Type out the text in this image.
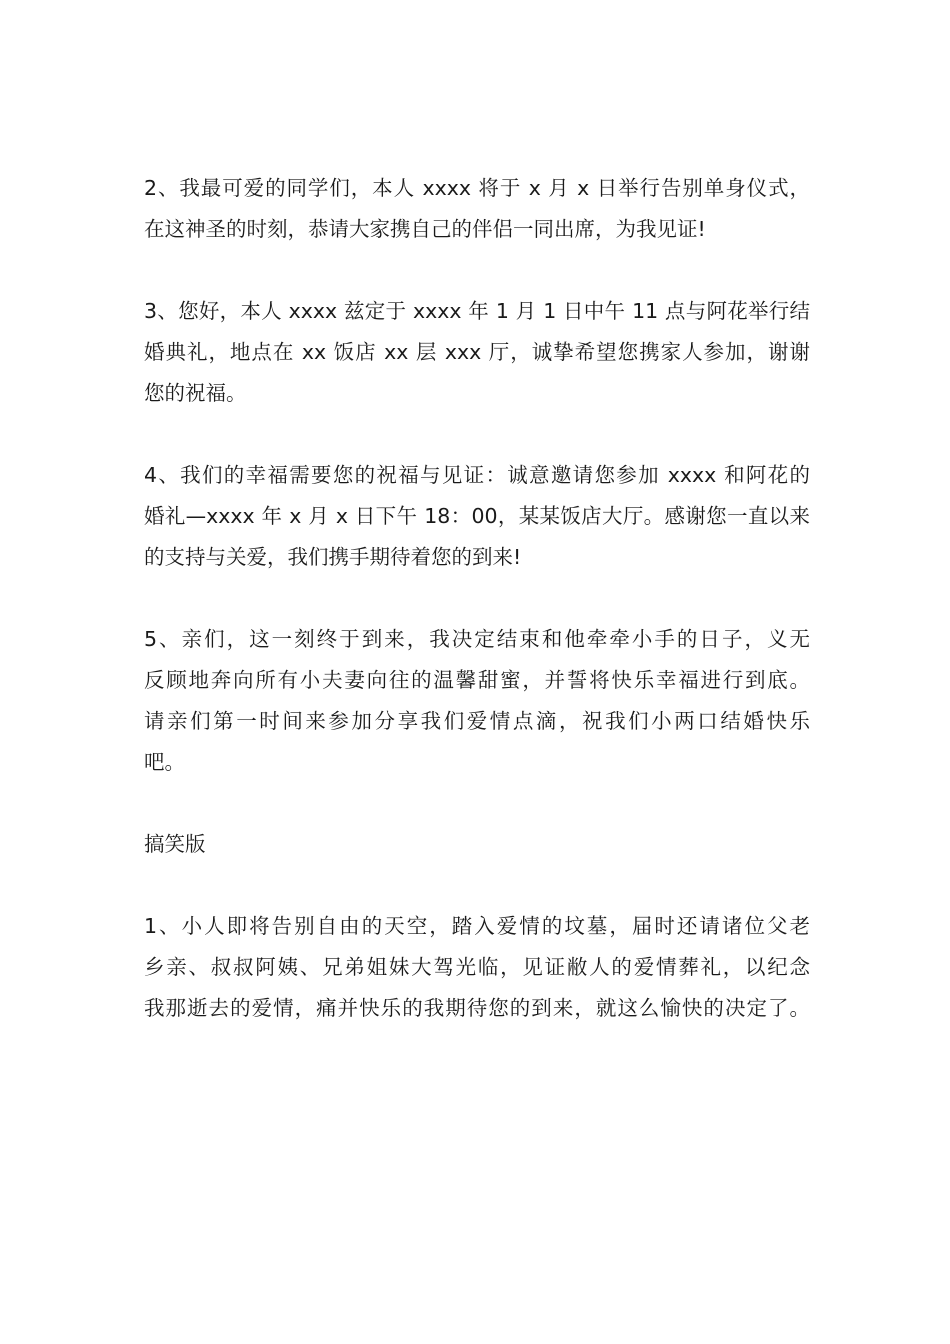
2、我最可爱的同学们，本人 xxxx 将于 x 月 x 日举行告别单身仪式，
在这神圣的时刻，恭请大家携自己的伴侣一同出席，为我见证!
3、您好，本人 xxxx 兹定于 xxxx 年 1 月 1 日中午 11 点与阿花举行结
婚典礼，地点在 xx 饭店 xx 层 xxx 厅，诚挚希望您携家人参加，谢谢
您的祝福。
4、我们的幸福需要您的祝福与见证：诚意邀请您参加 xxxx 和阿花的
婚礼—xxxx 年 x 月 x 日下午 18：00，某某饭店大厅。感谢您一直以来
的支持与关爱，我们携手期待着您的到来!
5、亲们，这一刻终于到来，我决定结束和他牵牵小手的日子，义无
反顾地奔向所有小夫妻向往的温馨甜蜜，并誓将快乐幸福进行到底。
请亲们第一时间来参加分享我们爱情点滴，祝我们小两口结婚快乐
吧。
搞笑版
1、小人即将告别自由的天空，踏入爱情的坟墓，届时还请诸位父老
乡亲、叔叔阿姨、兄弟姐妹大驾光临，见证敝人的爱情葬礼，以纪念
我那逝去的爱情，痛并快乐的我期待您的到来，就这么愉快的决定了。
